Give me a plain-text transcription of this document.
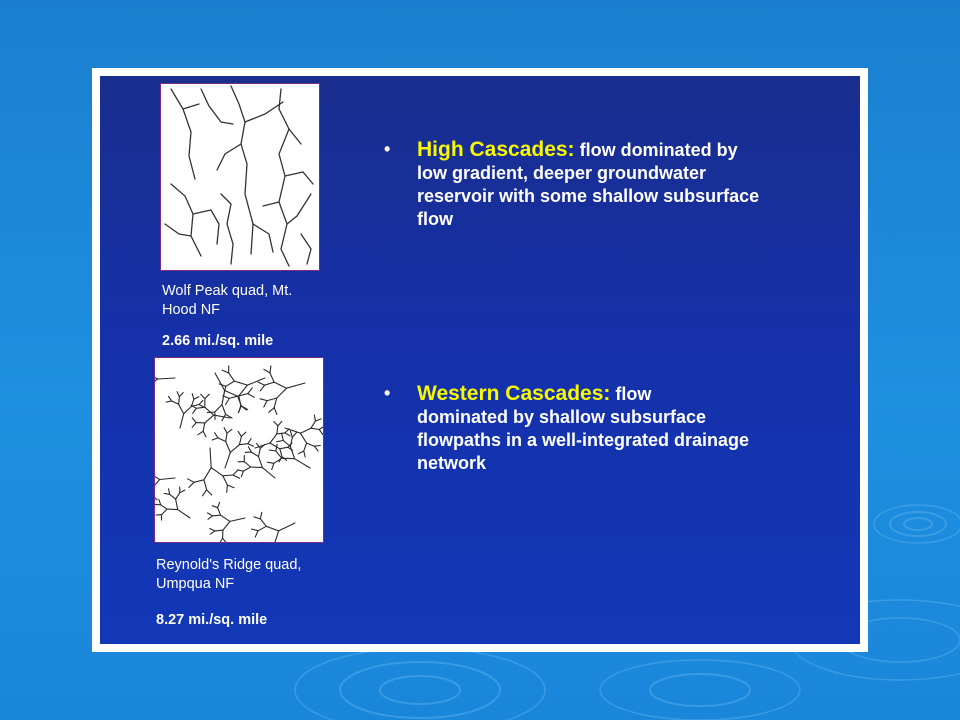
Wolf Peak quad, Mt.
Hood NF
2.66 mi./sq. mile
Reynold's Ridge quad,
Umpqua NF
8.27 mi./sq. mile
• High Cascades: flow dominated by
low gradient, deeper groundwater
reservoir with some shallow subsurface
flow
• Western Cascades: flow
dominated by shallow subsurface
flowpaths in a well-integrated drainage
network
